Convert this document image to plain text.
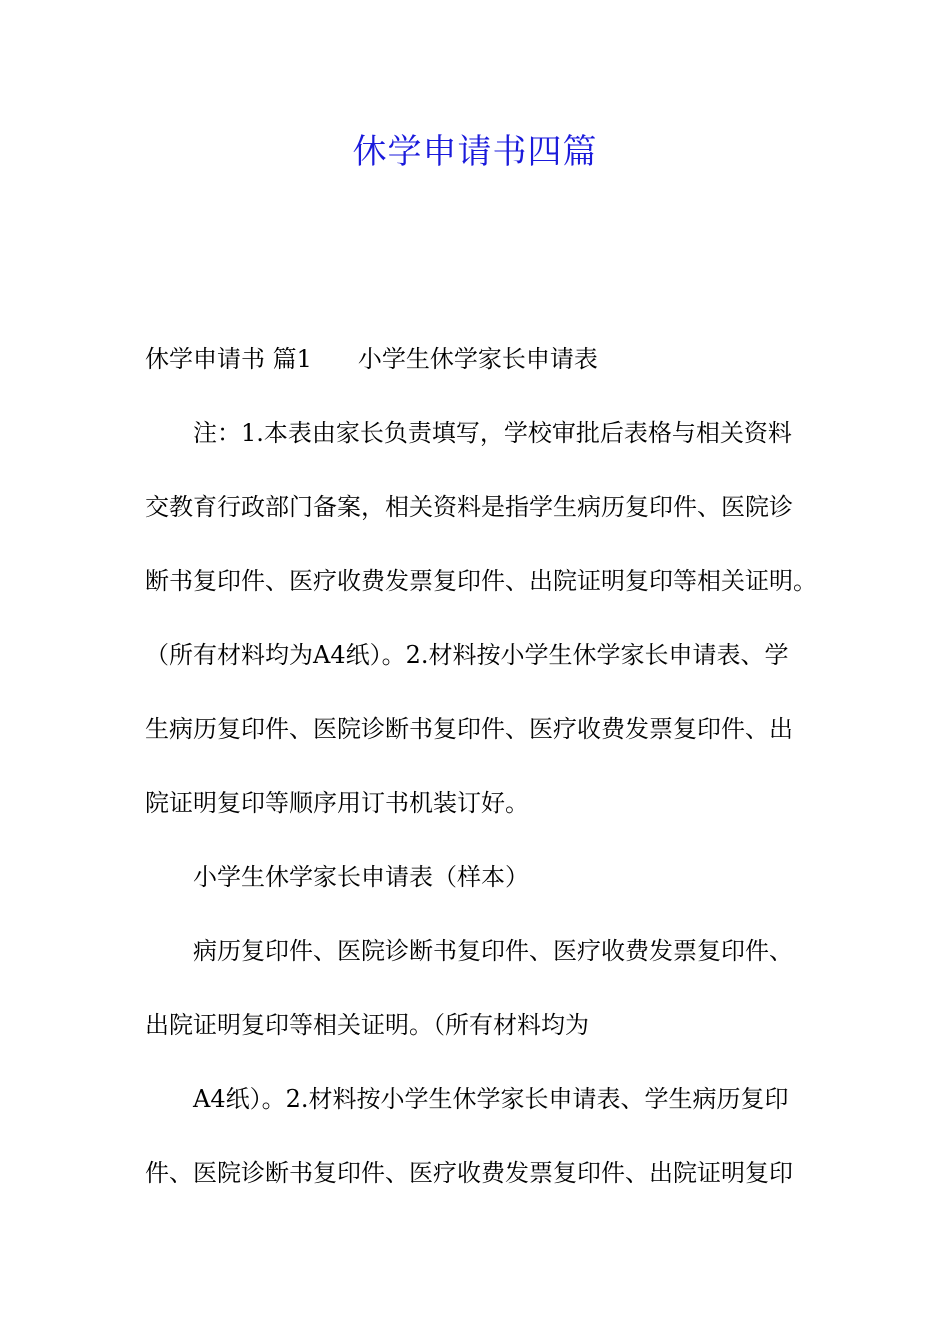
休学申请书四篇
休学申请书 篇1 小学生休学家长申请表
注：1.本表由家长负责填写，学校审批后表格与相关资料
交教育行政部门备案，相关资料是指学生病历复印件、医院诊
断书复印件、医疗收费发票复印件、出院证明复印等相关证明。
（所有材料均为A4纸）。2.材料按小学生休学家长申请表、学
生病历复印件、医院诊断书复印件、医疗收费发票复印件、出
院证明复印等顺序用订书机装订好。
小学生休学家长申请表（样本）
病历复印件、医院诊断书复印件、医疗收费发票复印件、
出院证明复印等相关证明。（所有材料均为
A4纸）。2.材料按小学生休学家长申请表、学生病历复印
件、医院诊断书复印件、医疗收费发票复印件、出院证明复印
